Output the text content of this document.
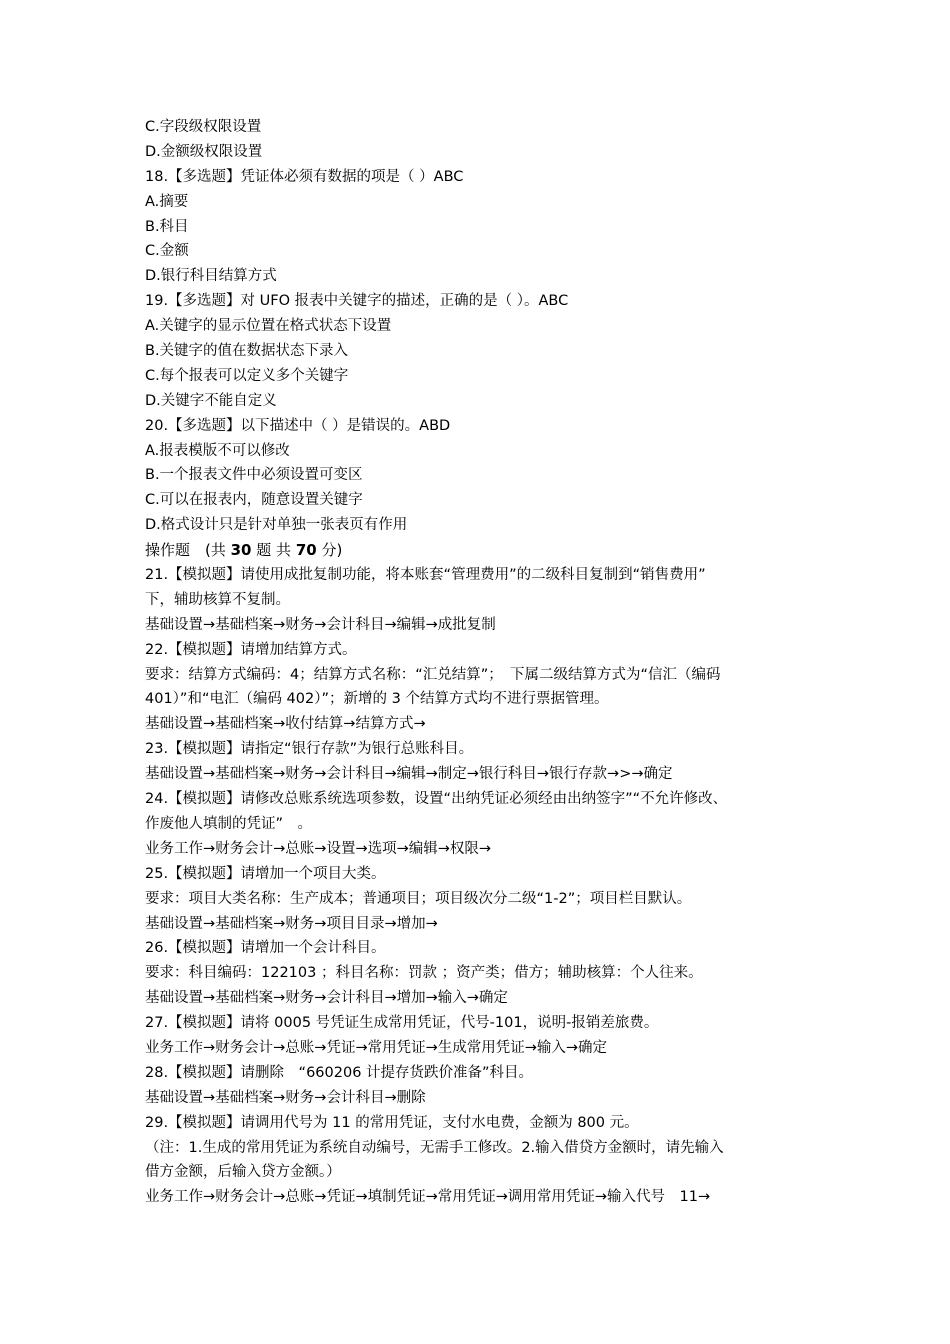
C.字段级权限设置
D.金额级权限设置
18.【多选题】凭证体必须有数据的项是（ ）ABC
A.摘要
B.科目
C.金额
D.银行科目结算方式
19.【多选题】对 UFO 报表中关键字的描述，正确的是（ ）。ABC
A.关键字的显示位置在格式状态下设置
B.关键字的值在数据状态下录入
C.每个报表可以定义多个关键字
D.关键字不能自定义
20.【多选题】以下描述中（ ）是错误的。ABD
A.报表模版不可以修改
B.一个报表文件中必须设置可变区
C.可以在报表内，随意设置关键字
D.格式设计只是针对单独一张表页有作用
操作题　(共 30 题 共 70 分)
21.【模拟题】请使用成批复制功能，将本账套“管理费用”的二级科目复制到“销售费用”
下，辅助核算不复制。
基础设置→基础档案→财务→会计科目→编辑→成批复制
22.【模拟题】请增加结算方式。
要求：结算方式编码：4；结算方式名称：“汇兑结算”；　下属二级结算方式为“信汇（编码
401）”和“电汇（编码 402）”；新增的 3 个结算方式均不进行票据管理。
基础设置→基础档案→收付结算→结算方式→
23.【模拟题】请指定“银行存款”为银行总账科目。
基础设置→基础档案→财务→会计科目→编辑→制定→银行科目→银行存款→>→确定
24.【模拟题】请修改总账系统选项参数，设置“出纳凭证必须经由出纳签字”“不允许修改、
作废他人填制的凭证”　。
业务工作→财务会计→总账→设置→选项→编辑→权限→
25.【模拟题】请增加一个项目大类。
要求：项目大类名称：生产成本；普通项目；项目级次分二级“1-2”；项目栏目默认。
基础设置→基础档案→财务→项目目录→增加→
26.【模拟题】请增加一个会计科目。
要求：科目编码：122103 ；科目名称：罚款 ；资产类；借方；辅助核算：个人往来。
基础设置→基础档案→财务→会计科目→增加→输入→确定
27.【模拟题】请将 0005 号凭证生成常用凭证，代号-101，说明-报销差旅费。
业务工作→财务会计→总账→凭证→常用凭证→生成常用凭证→输入→确定
28.【模拟题】请删除　“660206 计提存货跌价准备”科目。
基础设置→基础档案→财务→会计科目→删除
29.【模拟题】请调用代号为 11 的常用凭证，支付水电费，金额为 800 元。
（注：1.生成的常用凭证为系统自动编号，无需手工修改。2.输入借贷方金额时，请先输入
借方金额，后输入贷方金额。）
业务工作→财务会计→总账→凭证→填制凭证→常用凭证→调用常用凭证→输入代号　11→
